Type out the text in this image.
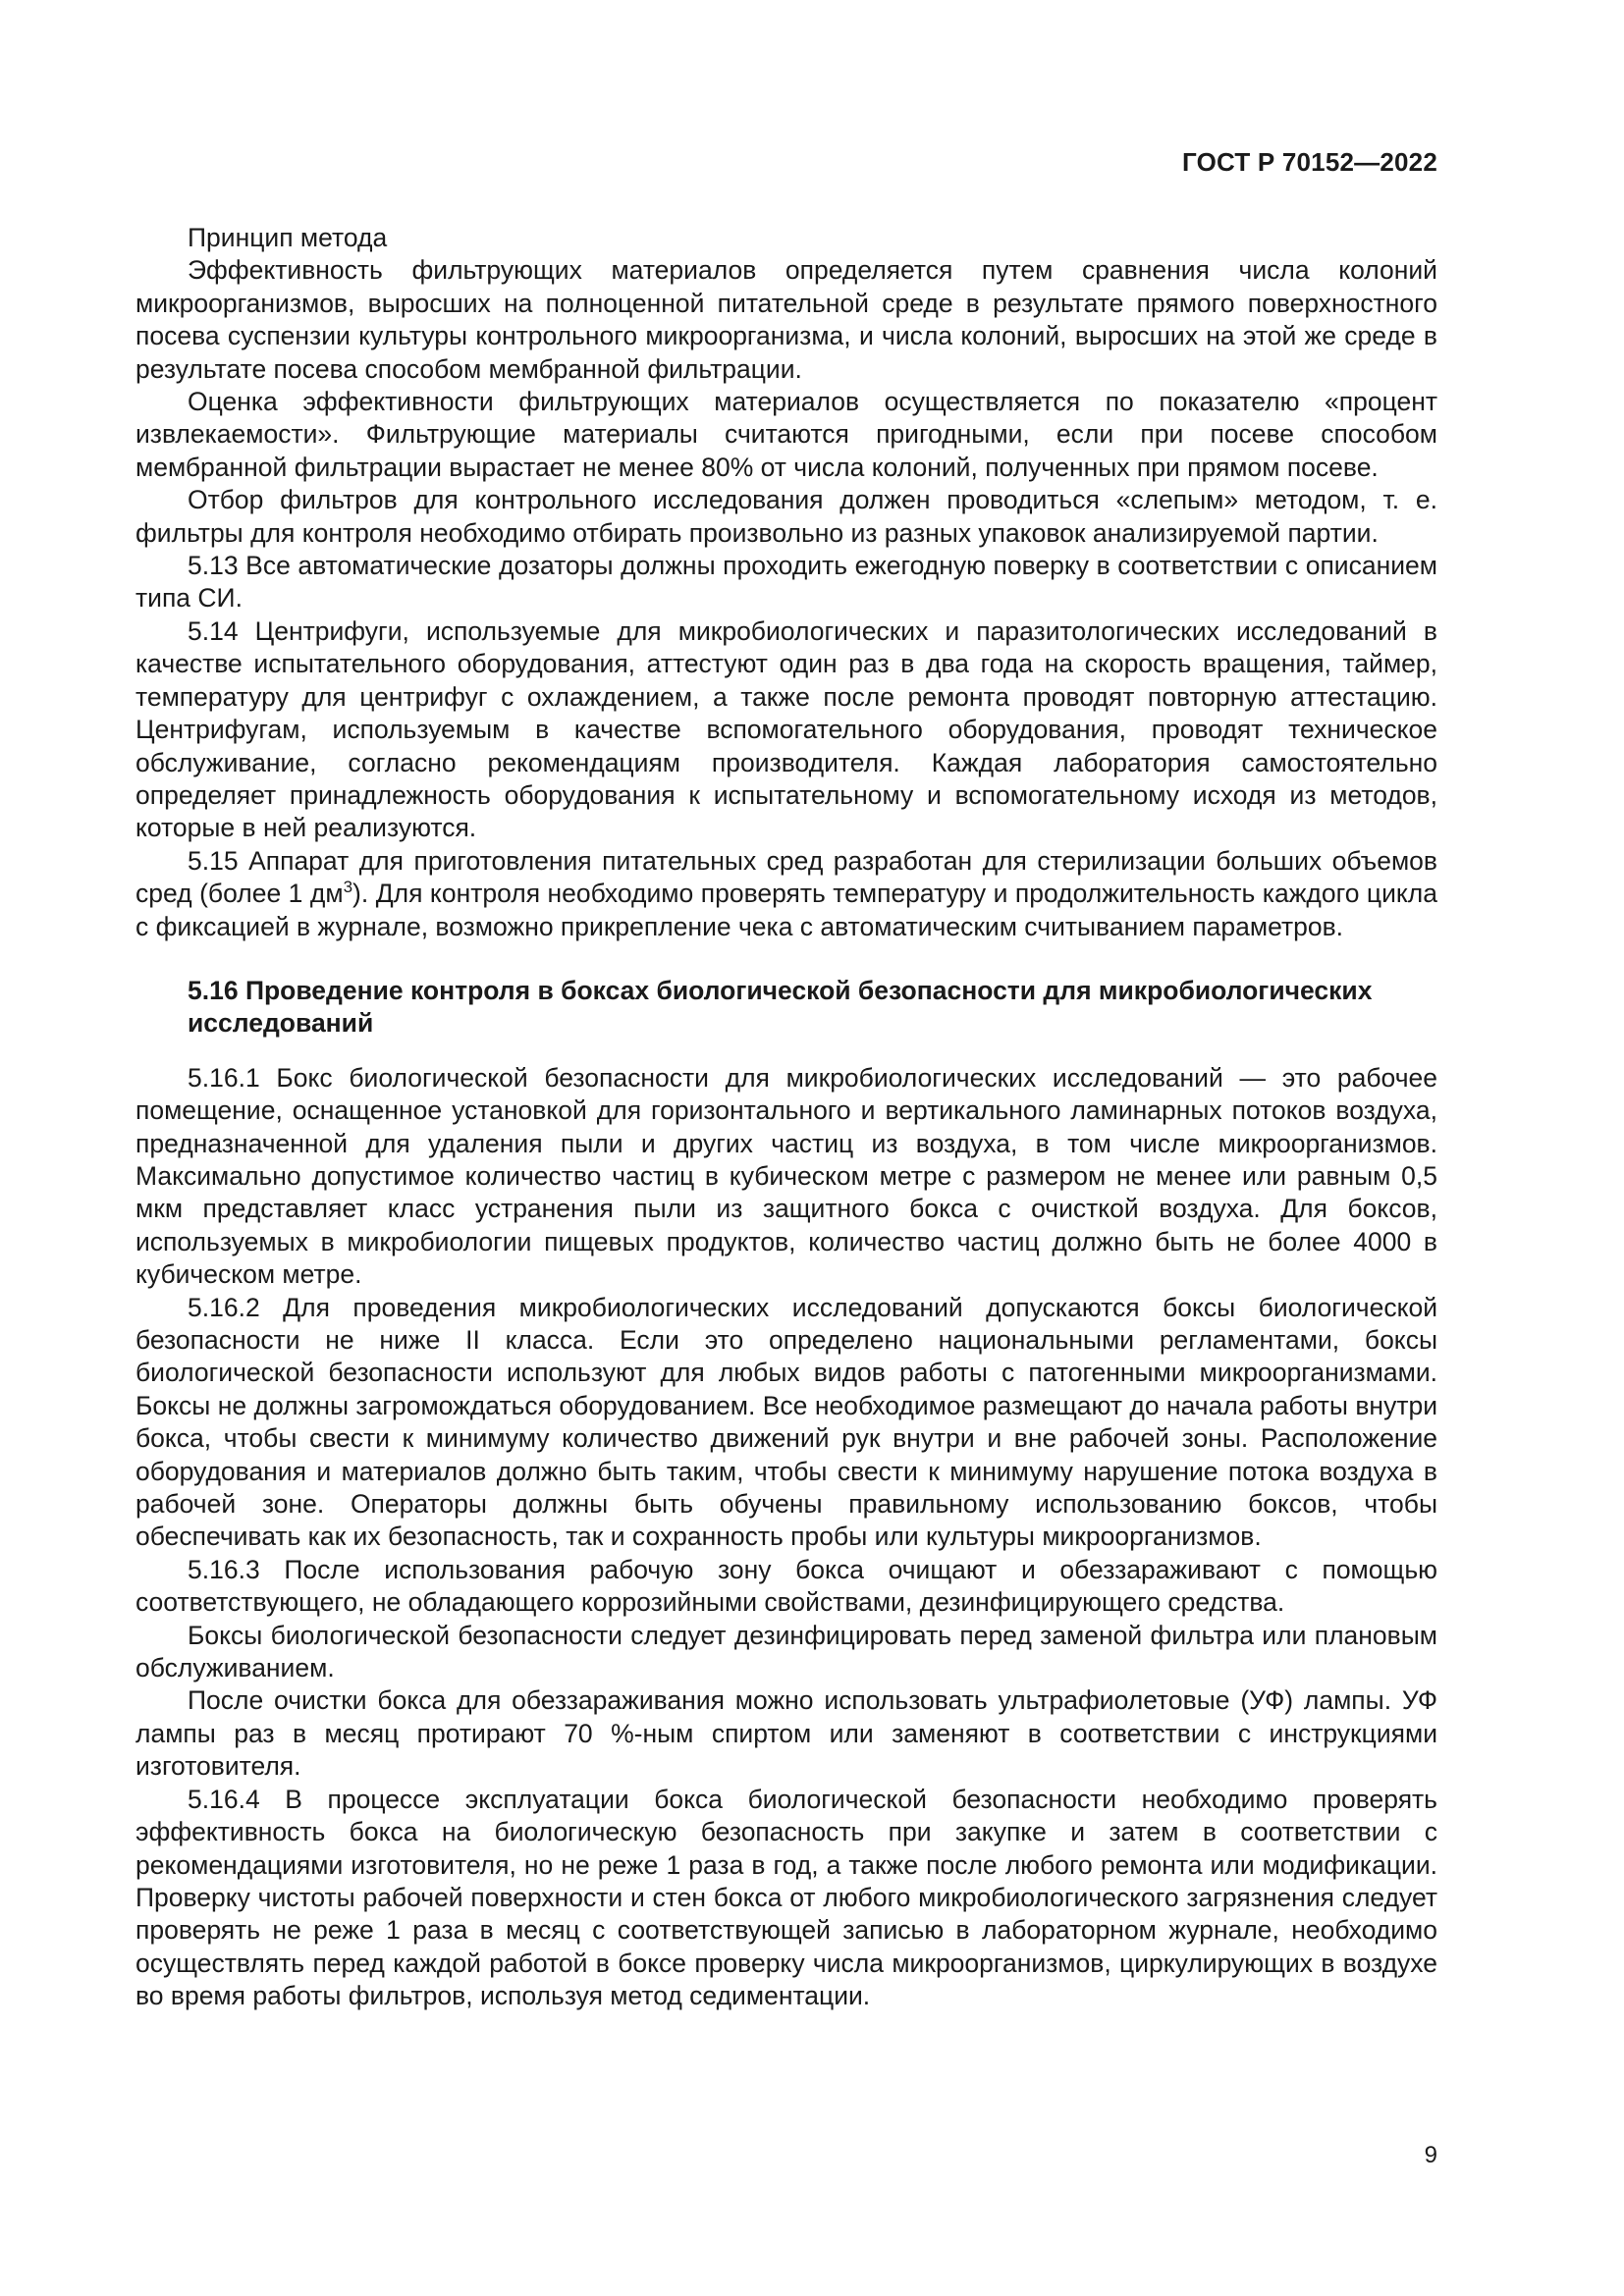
ГОСТ Р 70152—2022

Принцип метода

Эффективность фильтрующих материалов определяется путем сравнения числа колоний микроорганизмов, выросших на полноценной питательной среде в результате прямого поверхностного посева суспензии культуры контрольного микроорганизма, и числа колоний, выросших на этой же среде в результате посева способом мембранной фильтрации.

Оценка эффективности фильтрующих материалов осуществляется по показателю «процент извлекаемости». Фильтрующие материалы считаются пригодными, если при посеве способом мембранной фильтрации вырастает не менее 80% от числа колоний, полученных при прямом посеве.

Отбор фильтров для контрольного исследования должен проводиться «слепым» методом, т. е. фильтры для контроля необходимо отбирать произвольно из разных упаковок анализируемой партии.

5.13 Все автоматические дозаторы должны проходить ежегодную поверку в соответствии с описанием типа СИ.

5.14 Центрифуги, используемые для микробиологических и паразитологических исследований в качестве испытательного оборудования, аттестуют один раз в два года на скорость вращения, таймер, температуру для центрифуг с охлаждением, а также после ремонта проводят повторную аттестацию. Центрифугам, используемым в качестве вспомогательного оборудования, проводят техническое обслуживание, согласно рекомендациям производителя. Каждая лаборатория самостоятельно определяет принадлежность оборудования к испытательному и вспомогательному исходя из методов, которые в ней реализуются.

5.15 Аппарат для приготовления питательных сред разработан для стерилизации больших объемов сред (более 1 $дм^3$). Для контроля необходимо проверять температуру и продолжительность каждого цикла с фиксацией в журнале, возможно прикрепление чека с автоматическим считыванием параметров.

5.16 Проведение контроля в боксах биологической безопасности для микробиологических исследований

5.16.1 Бокс биологической безопасности для микробиологических исследований — это рабочее помещение, оснащенное установкой для горизонтального и вертикального ламинарных потоков воздуха, предназначенной для удаления пыли и других частиц из воздуха, в том числе микроорганизмов. Максимально допустимое количество частиц в кубическом метре с размером не менее или равным 0,5 мкм представляет класс устранения пыли из защитного бокса с очисткой воздуха. Для боксов, используемых в микробиологии пищевых продуктов, количество частиц должно быть не более 4000 в кубическом метре.

5.16.2 Для проведения микробиологических исследований допускаются боксы биологической безопасности не ниже II класса. Если это определено национальными регламентами, боксы биологической безопасности используют для любых видов работы с патогенными микроорганизмами. Боксы не должны загромождаться оборудованием. Все необходимое размещают до начала работы внутри бокса, чтобы свести к минимуму количество движений рук внутри и вне рабочей зоны. Расположение оборудования и материалов должно быть таким, чтобы свести к минимуму нарушение потока воздуха в рабочей зоне. Операторы должны быть обучены правильному использованию боксов, чтобы обеспечивать как их безопасность, так и сохранность пробы или культуры микроорганизмов.

5.16.3 После использования рабочую зону бокса очищают и обеззараживают с помощью соответствующего, не обладающего коррозийными свойствами, дезинфицирующего средства.

Боксы биологической безопасности следует дезинфицировать перед заменой фильтра или плановым обслуживанием.

После очистки бокса для обеззараживания можно использовать ультрафиолетовые (УФ) лампы. УФ лампы раз в месяц протирают 70 %-ным спиртом или заменяют в соответствии с инструкциями изготовителя.

5.16.4 В процессе эксплуатации бокса биологической безопасности необходимо проверять эффективность бокса на биологическую безопасность при закупке и затем в соответствии с рекомендациями изготовителя, но не реже 1 раза в год, а также после любого ремонта или модификации. Проверку чистоты рабочей поверхности и стен бокса от любого микробиологического загрязнения следует проверять не реже 1 раза в месяц с соответствующей записью в лабораторном журнале, необходимо осуществлять перед каждой работой в боксе проверку числа микроорганизмов, циркулирующих в воздухе во время работы фильтров, используя метод седиментации.

9
